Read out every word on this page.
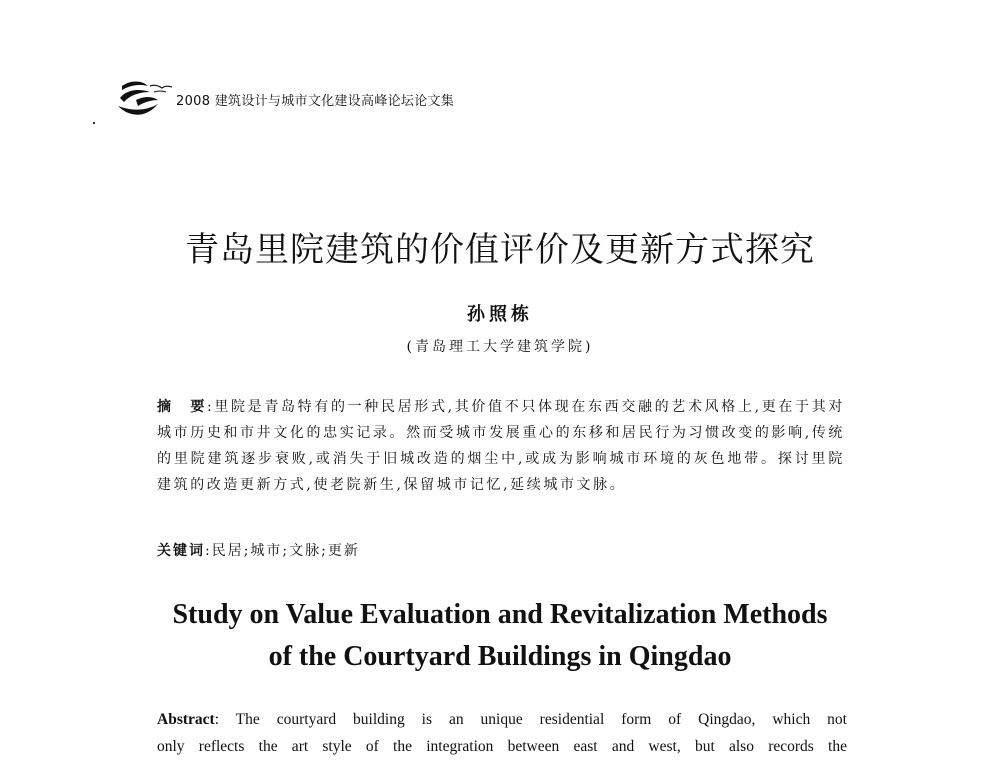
2008 建筑设计与城市文化建设高峰论坛论文集
青岛里院建筑的价值评价及更新方式探究
孙照栋
(青岛理工大学建筑学院)
摘　要:里院是青岛特有的一种民居形式,其价值不只体现在东西交融的艺术风格上,更在于其对城市历史和市井文化的忠实记录。然而受城市发展重心的东移和居民行为习惯改变的影响,传统的里院建筑逐步衰败,或消失于旧城改造的烟尘中,或成为影响城市环境的灰色地带。探讨里院建筑的改造更新方式,使老院新生,保留城市记忆,延续城市文脉。
关键词:民居;城市;文脉;更新
Study on Value Evaluation and Revitalization Methods
of the Courtyard Buildings in Qingdao
Abstract: The courtyard building is an unique residential form of Qingdao, which not
only reflects the art style of the integration between east and west, but also records the
